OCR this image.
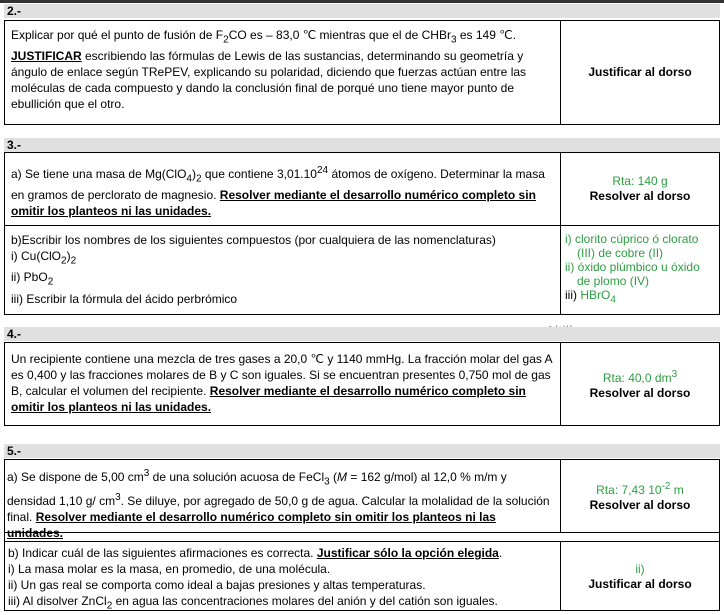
2.-
Explicar por qué el punto de fusión de $F_2CO$ es – 83,0 ℃ mientras que el de CHBr$_3$ es 149 ℃. JUSTIFICAR escribiendo las fórmulas de Lewis de las sustancias, determinando su geometría y ángulo de enlace según TRePEV, explicando su polaridad, diciendo que fuerzas actúan entre las moléculas de cada compuesto y dando la conclusión final de porqué uno tiene mayor punto de ebullición que el otro.
Justificar al dorso
3.-
a) Se tiene una masa de $Mg(ClO_4)_2$ que contiene 3,01.10$^{24}$ átomos de oxígeno. Determinar la masa en gramos de perclorato de magnesio. Resolver mediante el desarrollo numérico completo sin omitir los planteos ni las unidades.
Rta: 140 g
Resolver al dorso
b)Escribir los nombres de los siguientes compuestos (por cualquiera de las nomenclaturas)
i) $Cu(ClO_2)_2$
ii) PbO$_2$
iii) Escribir la fórmula del ácido perbrómico
i) clorito cúprico ó clorato
(III) de cobre (II)
ii) óxido plúmbico u óxido
de plomo (IV)
iii) HBrO$_4$
4.-
Un recipiente contiene una mezcla de tres gases a 20,0 ℃ y 1140 mmHg. La fracción molar del gas A es 0,400 y las fracciones molares de B y C son iguales. Si se encuentran presentes 0,750 mol de gas B, calcular el volumen del recipiente. Resolver mediante el desarrollo numérico completo sin omitir los planteos ni las unidades.
Rta: 40,0 $dm^3$
Resolver al dorso
5.-
a) Se dispone de 5,00 $cm^3$ de una solución acuosa de FeCl$_3$ (M = 162 g/mol) al 12,0 % m/m y densidad 1,10 g/ $cm^3$. Se diluye, por agregado de 50,0 g de agua. Calcular la molalidad de la solución final. Resolver mediante el desarrollo numérico completo sin omitir los planteos ni las unidades.
Rta: 7,43 $10^{-2}$ m
Resolver al dorso
b) Indicar cuál de las siguientes afirmaciones es correcta. Justificar sólo la opción elegida.
i) La masa molar es la masa, en promedio, de una molécula.
ii) Un gas real se comporta como ideal a bajas presiones y altas temperaturas.
iii) Al disolver ZnCl$_2$ en agua las concentraciones molares del anión y del catión son iguales.
ii)
Justificar al dorso
